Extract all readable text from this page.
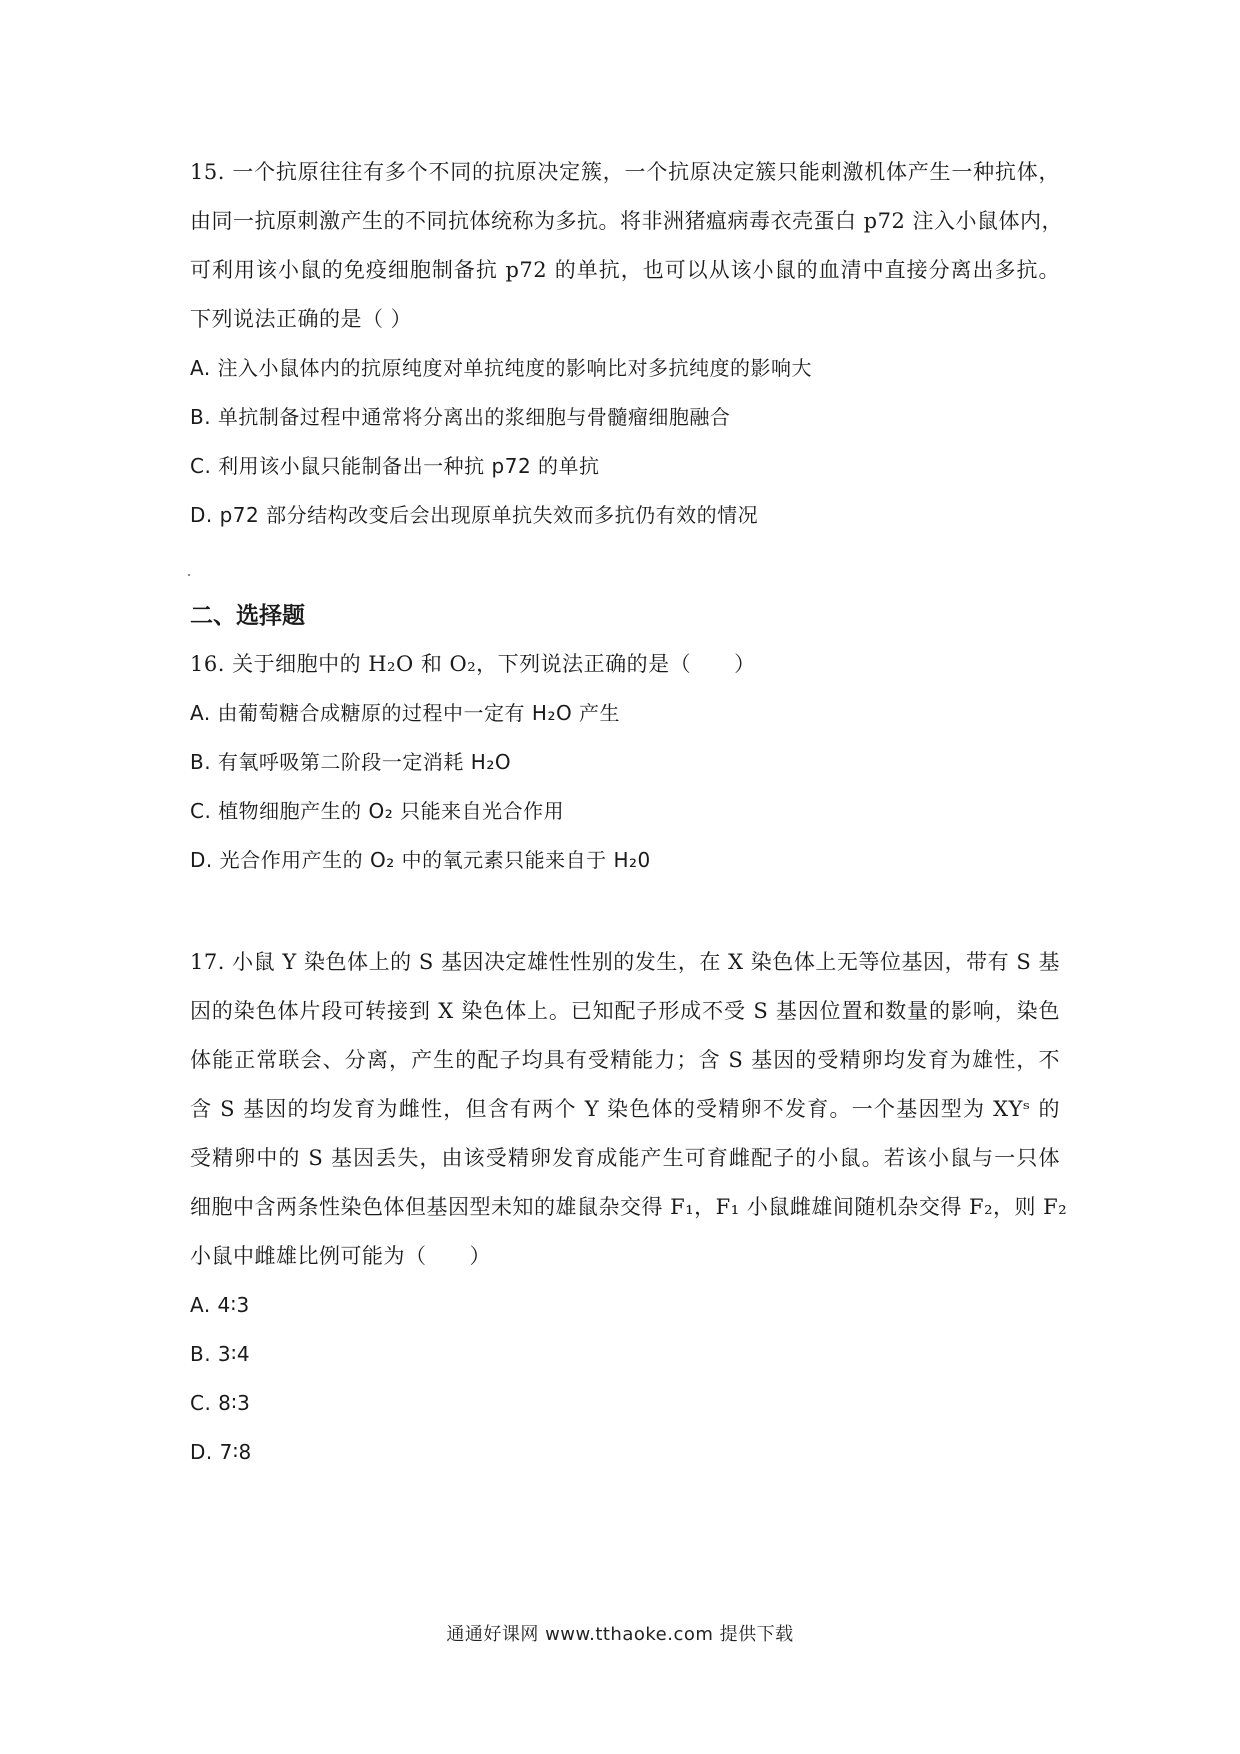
15. 一个抗原往往有多个不同的抗原决定簇，一个抗原决定簇只能刺激机体产生一种抗体，
由同一抗原刺激产生的不同抗体统称为多抗。将非洲猪瘟病毒衣壳蛋白 p72 注入小鼠体内，
可利用该小鼠的免疫细胞制备抗 p72 的单抗，也可以从该小鼠的血清中直接分离出多抗。
下列说法正确的是（ ）
A. 注入小鼠体内的抗原纯度对单抗纯度的影响比对多抗纯度的影响大
B. 单抗制备过程中通常将分离出的浆细胞与骨髓瘤细胞融合
C. 利用该小鼠只能制备出一种抗 p72 的单抗
D. p72 部分结构改变后会出现原单抗失效而多抗仍有效的情况
二、选择题
16. 关于细胞中的 H₂O 和 O₂，下列说法正确的是（　　）
A. 由葡萄糖合成糖原的过程中一定有 H₂O 产生
B. 有氧呼吸第二阶段一定消耗 H₂O
C. 植物细胞产生的 O₂ 只能来自光合作用
D. 光合作用产生的 O₂ 中的氧元素只能来自于 H₂0
17. 小鼠 Y 染色体上的 S 基因决定雄性性别的发生，在 X 染色体上无等位基因，带有 S 基
因的染色体片段可转接到 X 染色体上。已知配子形成不受 S 基因位置和数量的影响，染色
体能正常联会、分离，产生的配子均具有受精能力；含 S 基因的受精卵均发育为雄性，不
含 S 基因的均发育为雌性，但含有两个 Y 染色体的受精卵不发育。一个基因型为 XYˢ 的
受精卵中的 S 基因丢失，由该受精卵发育成能产生可育雌配子的小鼠。若该小鼠与一只体
细胞中含两条性染色体但基因型未知的雄鼠杂交得 F₁，F₁ 小鼠雌雄间随机杂交得 F₂，则 F₂
小鼠中雌雄比例可能为（　　）
A. 4∶3
B. 3∶4
C. 8∶3
D. 7∶8
通通好课网 www.tthaoke.com 提供下载
